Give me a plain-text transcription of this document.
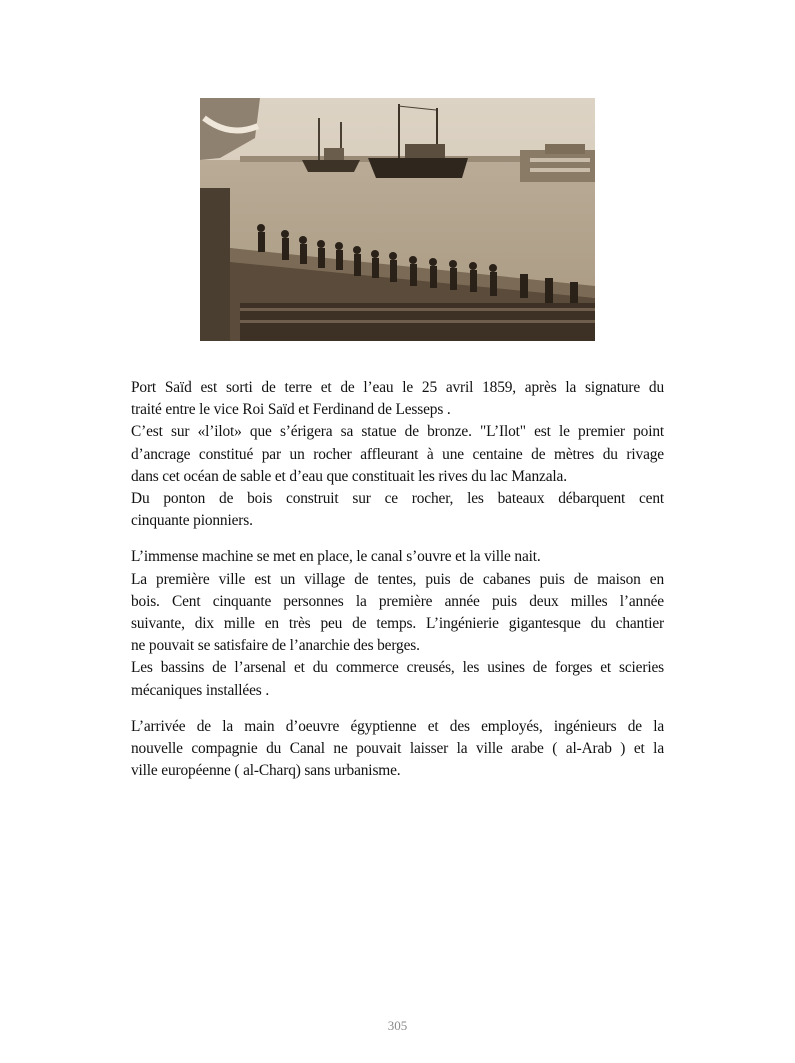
Port Saïd est sorti de terre et de l’eau le 25 avril 1859, après la signature du

traité entre le vice Roi Saïd et Ferdinand de Lesseps .

C’est sur «l’ilot» que s’érigera sa statue de bronze. "L’Ilot" est le premier point

d’ancrage constitué par un rocher affleurant à une centaine de mètres du rivage

dans cet océan de sable et d’eau que constituait les rives du lac Manzala.

Du ponton de bois construit sur ce rocher, les bateaux débarquent cent

cinquante pionniers.

L’immense machine se met en place, le canal s’ouvre et la ville nait.

La première ville est un village de tentes, puis de cabanes puis de maison en

bois. Cent cinquante personnes la première année puis deux milles l’année

suivante, dix mille en très peu de temps. L’ingénierie gigantesque du chantier

ne pouvait se satisfaire de l’anarchie des berges.

Les bassins de l’arsenal et du commerce creusés, les usines de forges et scieries

mécaniques installées .

L’arrivée de la main d’oeuvre égyptienne et des employés, ingénieurs de la

nouvelle compagnie du Canal ne pouvait laisser la ville arabe ( al-Arab ) et la

ville européenne ( al-Charq) sans urbanisme.

305
